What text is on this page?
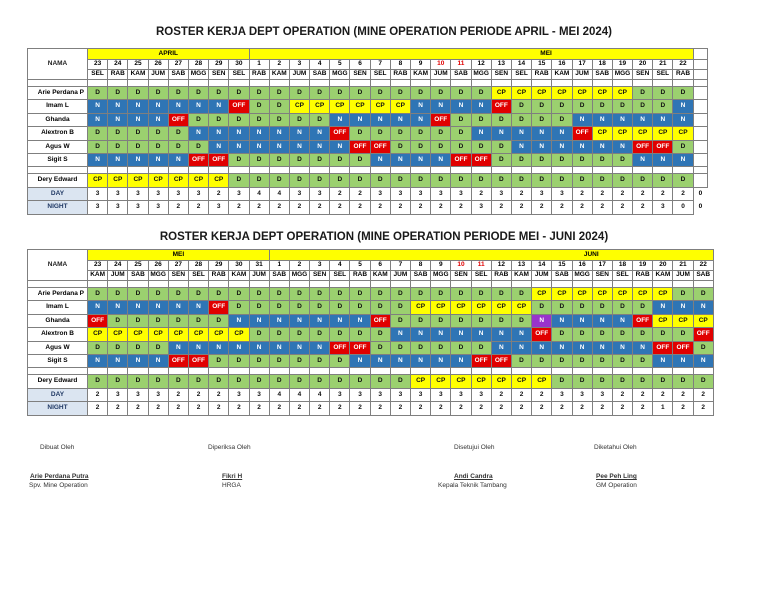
ROSTER KERJA DEPT OPERATION (MINE OPERATION PERIODE APRIL - MEI 2024)
NAMA	APRIL								MEI																						
	23	24	25	26	27	28	29	30	1	2	3	4	5	6	7	8	9	10	11	12	13	14	15	16	17	18	19	20	21	22	
	SEL	RAB	KAM	JUM	SAB	MGG	SEN	SEL	RAB	KAM	JUM	SAB	MGG	SEN	SEL	RAB	KAM	JUM	SAB	MGG	SEN	SEL	RAB	KAM	JUM	SAB	MGG	SEN	SEL	RAB	

Arie Perdana P	D	D	D	D	D	D	D	D	D	D	D	D	D	D	D	D	D	D	D	D	CP	CP	CP	CP	CP	CP	CP	D	D	D	
Imam L	N	N	N	N	N	N	N	OFF	D	D	CP	CP	CP	CP	CP	CP	N	N	N	N	OFF	D	D	D	D	D	D	D	D	N	
Ghanda	N	N	N	N	OFF	D	D	D	D	D	D	D	N	N	N	N	N	OFF	D	D	D	D	D	D	N	N	N	N	N	N	
Alextron B	D	D	D	D	D	N	N	N	N	N	N	N	OFF	D	D	D	D	D	D	N	N	N	N	N	OFF	CP	CP	CP	CP	CP	
Agus W	D	D	D	D	D	D	N	N	N	N	N	N	N	OFF	OFF	D	D	D	D	D	D	N	N	N	N	N	N	OFF	OFF	D	
Sigit S	N	N	N	N	N	OFF	OFF	D	D	D	D	D	D	D	N	N	N	N	OFF	OFF	D	D	D	D	D	D	D	N	N	N	

Dery Edward	CP	CP	CP	CP	CP	CP	CP	D	D	D	D	D	D	D	D	D	D	D	D	D	D	D	D	D	D	D	D	D	D	D	
DAY	3	3	3	3	3	3	2	3	4	4	3	3	2	2	3	3	3	3	3	2	3	2	3	3	2	2	2	2	2	2	0
NIGHT	3	3	3	3	2	2	3	2	2	2	2	2	2	2	2	2	2	2	2	3	2	2	2	2	2	2	2	2	3	0	0
ROSTER KERJA DEPT OPERATION (MINE OPERATION PERIODE MEI - JUNI 2024)
NAMA	MEI									JUNI																					
	23	24	25	26	27	28	29	30	31	1	2	3	4	5	6	7	8	9	10	11	12	13	14	15	16	17	18	19	20	21	22
	KAM	JUM	SAB	MGG	SEN	SEL	RAB	KAM	JUM	SAB	MGG	SEN	SEL	RAB	KAM	JUM	SAB	MGG	SEN	SEL	RAB	KAM	JUM	SAB	MGG	SEN	SEL	RAB	KAM	JUM	SAB

Arie Perdana P	D	D	D	D	D	D	D	D	D	D	D	D	D	D	D	D	D	D	D	D	D	D	CP	CP	CP	CP	CP	CP	CP	D	D
Imam L	N	N	N	N	N	N	OFF	D	D	D	D	D	D	D	D	D	CP	CP	CP	CP	CP	CP	D	D	D	D	D	D	N	N	N
Ghanda	OFF	D	D	D	D	D	D	N	N	N	N	N	N	N	OFF	D	D	D	D	D	D	D	N	N	N	N	N	OFF	CP	CP	CP
Alextron B	CP	CP	CP	CP	CP	CP	CP	CP	D	D	D	D	D	D	D	N	N	N	N	N	N	N	OFF	D	D	D	D	D	D	D	OFF
Agus W	D	D	D	D	N	N	N	N	N	N	N	N	OFF	OFF	D	D	D	D	D	D	N	N	N	N	N	N	N	N	OFF	OFF	D
Sigit S	N	N	N	N	OFF	OFF	D	D	D	D	D	D	D	N	N	N	N	N	N	OFF	OFF	D	D	D	D	D	D	D	N	N	N

Dery Edward	D	D	D	D	D	D	D	D	D	D	D	D	D	D	D	D	CP	CP	CP	CP	CP	CP	CP	D	D	D	D	D	D	D	D
DAY	2	3	3	3	2	2	2	3	3	4	4	4	3	3	3	3	3	3	3	3	2	2	2	3	3	3	2	2	2	2	2
NIGHT	2	2	2	2	2	2	2	2	2	2	2	2	2	2	2	2	2	2	2	2	2	2	2	2	2	2	2	2	1	2	2
Dibuat Oleh
Arie Perdana Putra
Spv. Mine Operation
Diperiksa Oleh
Fikri H
HRGA
Disetujui Oleh
Andi Candra
Kepala Teknik Tambang
Diketahui Oleh
Pee Peh Ling
GM Operation
